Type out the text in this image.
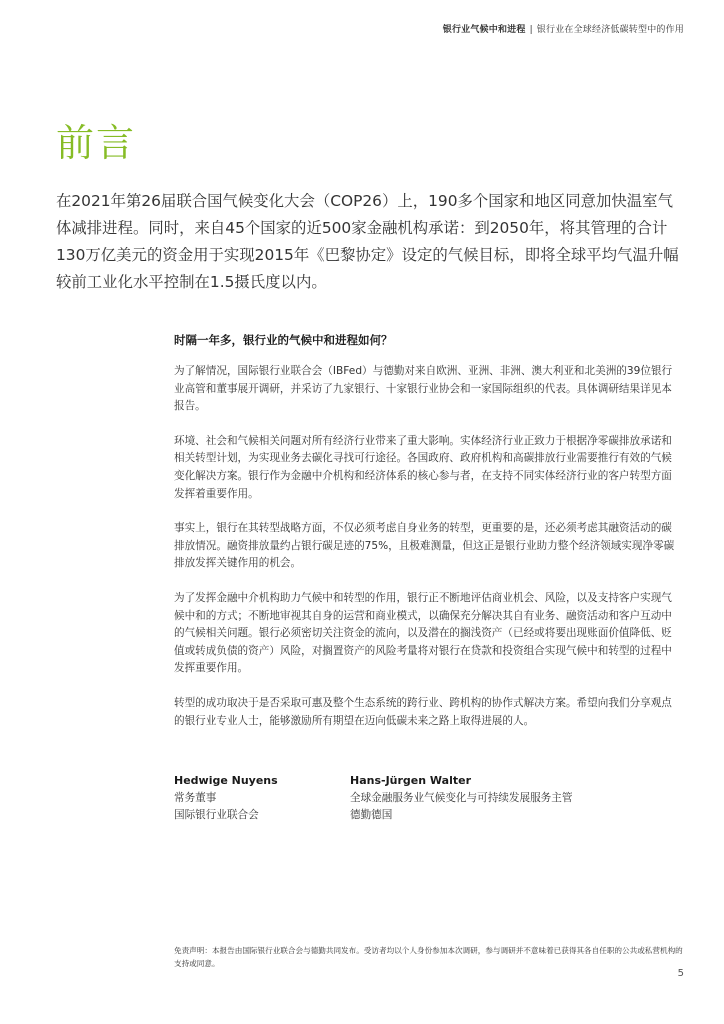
银行业气候中和进程 | 银行业在全球经济低碳转型中的作用
前言

在2021年第26届联合国气候变化大会（COP26）上，190多个国家和地区同意加快温室气体减排进程。同时，来自45个国家的近500家金融机构承诺：到2050年，将其管理的合计130万亿美元的资金用于实现2015年《巴黎协定》设定的气候目标，即将全球平均气温升幅较前工业化水平控制在1.5摄氏度以内。

时隔一年多，银行业的气候中和进程如何？

为了解情况，国际银行业联合会（IBFed）与德勤对来自欧洲、亚洲、非洲、澳大利亚和北美洲的39位银行业高管和董事展开调研，并采访了九家银行、十家银行业协会和一家国际组织的代表。具体调研结果详见本报告。

环境、社会和气候相关问题对所有经济行业带来了重大影响。实体经济行业正致力于根据净零碳排放承诺和相关转型计划，为实现业务去碳化寻找可行途径。各国政府、政府机构和高碳排放行业需要推行有效的气候变化解决方案。银行作为金融中介机构和经济体系的核心参与者，在支持不同实体经济行业的客户转型方面发挥着重要作用。

事实上，银行在其转型战略方面，不仅必须考虑自身业务的转型，更重要的是，还必须考虑其融资活动的碳排放情况。融资排放量约占银行碳足迹的75%，且极难测量，但这正是银行业助力整个经济领域实现净零碳排放发挥关键作用的机会。

为了发挥金融中介机构助力气候中和转型的作用，银行正不断地评估商业机会、风险，以及支持客户实现气候中和的方式；不断地审视其自身的运营和商业模式，以确保充分解决其自有业务、融资活动和客户互动中的气候相关问题。银行必须密切关注资金的流向，以及潜在的搁浅资产（已经或将要出现账面价值降低、贬值或转成负债的资产）风险，对搁置资产的风险考量将对银行在贷款和投资组合实现气候中和转型的过程中发挥重要作用。

转型的成功取决于是否采取可惠及整个生态系统的跨行业、跨机构的协作式解决方案。希望向我们分享观点的银行业专业人士，能够激励所有期望在迈向低碳未来之路上取得进展的人。

Hedwige Nuyens
常务董事
国际银行业联合会
Hans-Jürgen Walter
全球金融服务业气候变化与可持续发展服务主管
德勤德国

免责声明：本报告由国际银行业联合会与德勤共同发布。受访者均以个人身份参加本次调研，参与调研并不意味着已获得其各自任职的公共或私营机构的支持或同意。

5
